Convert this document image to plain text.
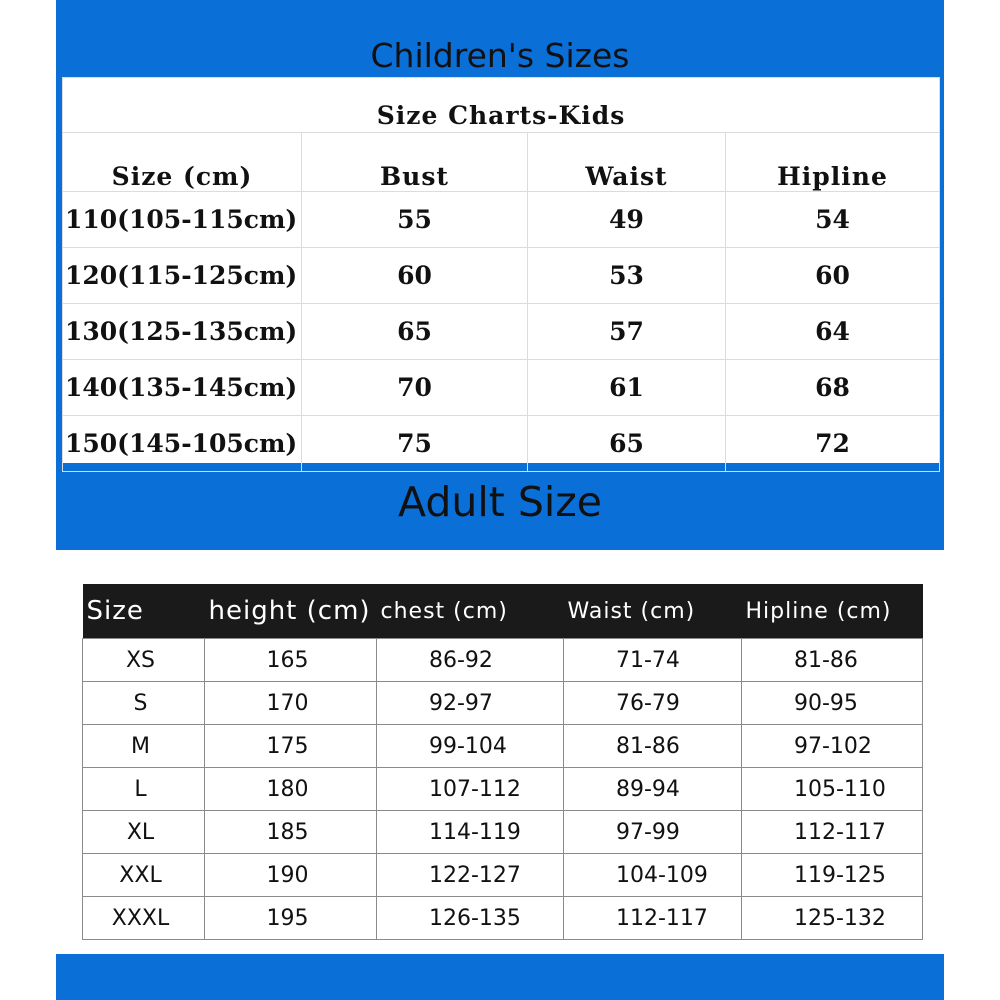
Children's Sizes
Size Charts-Kids			
Size (cm)	Bust	Waist	Hipline
110(105-115cm)	55	49	54
120(115-125cm)	60	53	60
130(125-135cm)	65	57	64
140(135-145cm)	70	61	68
150(145-105cm)	75	65	72
Adult Size
Size	height (cm)	chest (cm)	Waist (cm)	Hipline (cm)
XS	165	86-92	71-74	81-86
S	170	92-97	76-79	90-95
M	175	99-104	81-86	97-102
L	180	107-112	89-94	105-110
XL	185	114-119	97-99	112-117
XXL	190	122-127	104-109	119-125
XXXL	195	126-135	112-117	125-132
